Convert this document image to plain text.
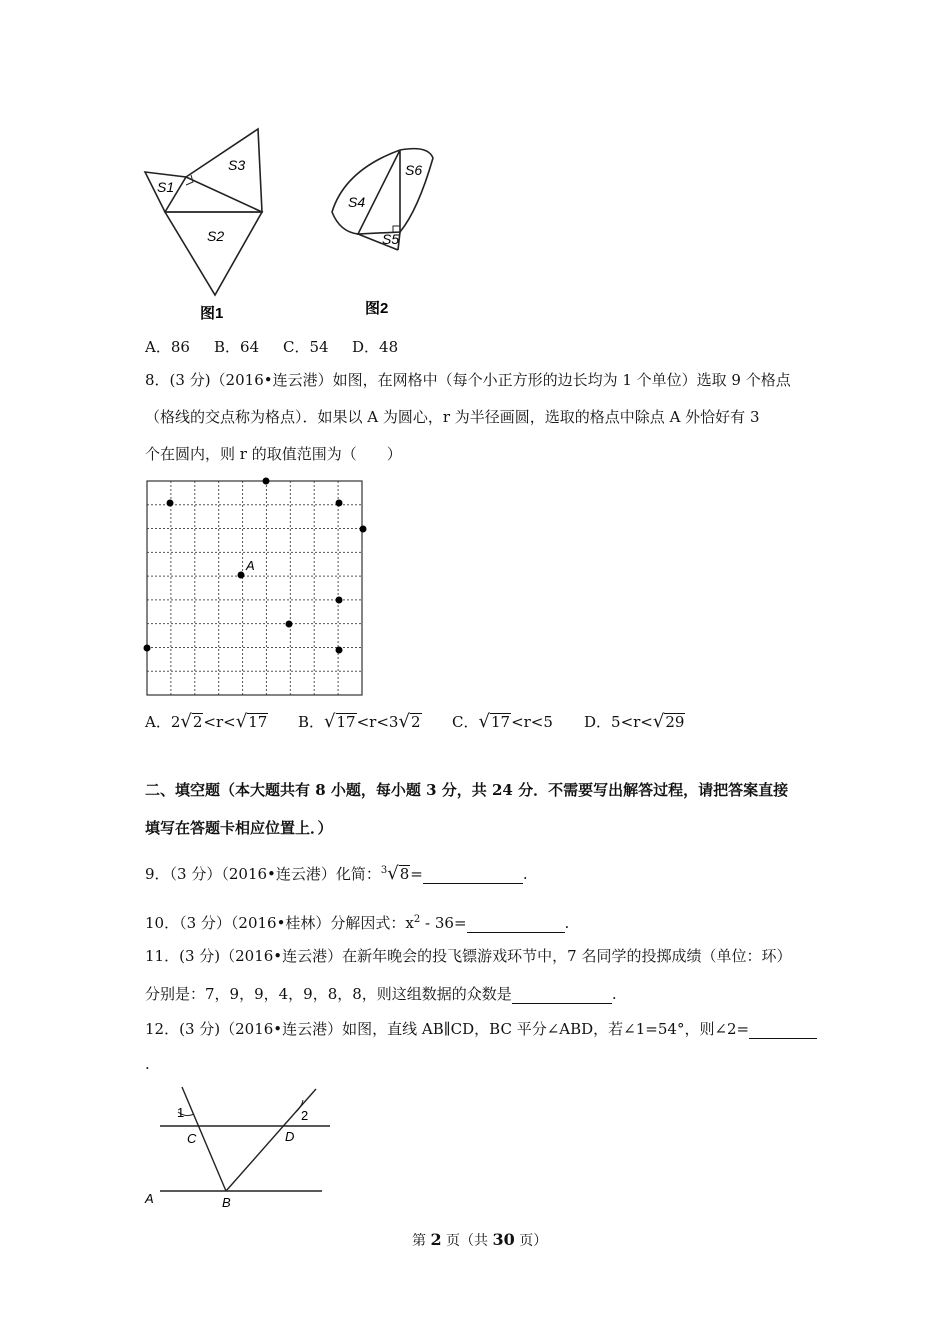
S1
S3
S2
图1
S4
S6
S5
图2
A．86 B．64 C．54 D．48
8．(3 分)（2016•连云港）如图，在网格中（每个小正方形的边长均为 1 个单位）选取 9 个格点
（格线的交点称为格点）．如果以 A 为圆心，r 为半径画圆，选取的格点中除点 A 外恰好有 3
个在圆内，则 r 的取值范围为（　　）
A
A．2√2<r<√17 B．√17<r<3√2 C．√17<r<5 D．5<r<√29
二、填空题（本大题共有 8 小题，每小题 3 分，共 24 分．不需要写出解答过程，请把答案直接
填写在答题卡相应位置上．）
9．（3 分）（2016•连云港）化简：$^3$√8=	.
10．（3 分）（2016•桂林）分解因式：$x^2 - 36=$	.
11．(3 分)（2016•连云港）在新年晚会的投飞镖游戏环节中，7 名同学的投掷成绩（单位：环）
分别是：7，9，9，4，9，8，8，则这组数据的众数是	.
12．(3 分)（2016•连云港）如图，直线 AB∥CD，BC 平分∠ABD，若∠1=54°，则∠2=
.
1	2
C	D
A	B
第 2 页（共 30 页）
